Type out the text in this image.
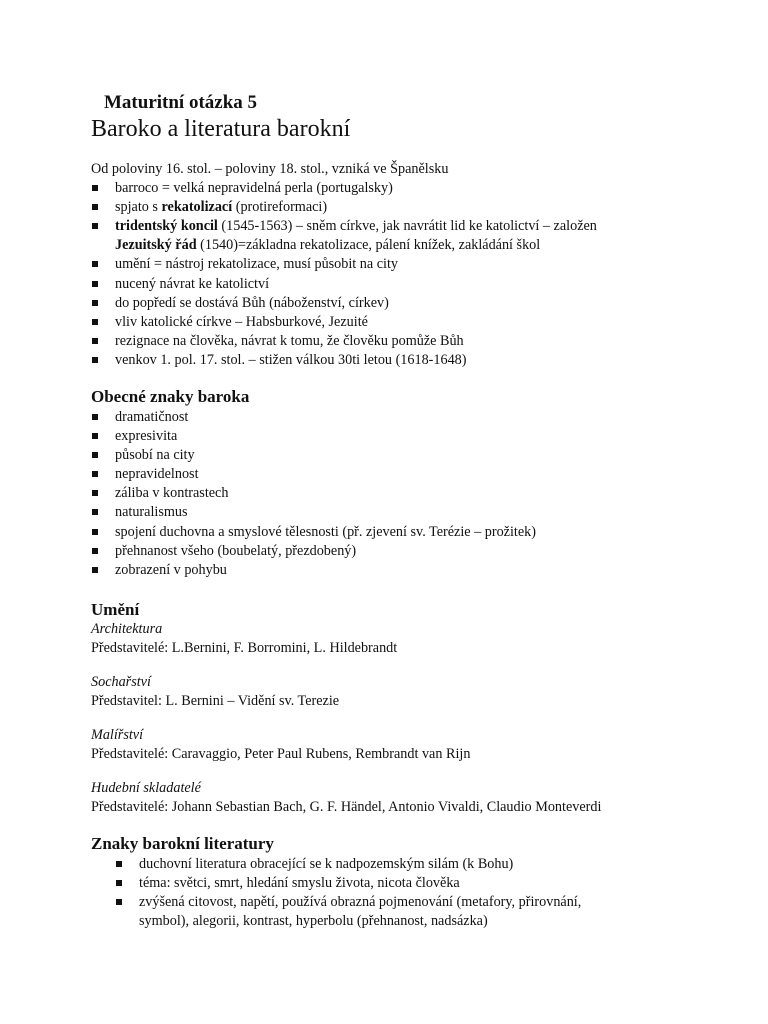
Maturitní otázka 5
Baroko a literatura barokní
Od poloviny 16. stol. – poloviny 18. stol., vzniká ve Španělsku
barroco = velká nepravidelná perla (portugalsky)
spjato s rekatolizací (protireformaci)
tridentský koncil (1545-1563) – sněm církve, jak navrátit lid ke katolictví – založen
Jezuitský řád (1540)=základna rekatolizace, pálení knížek, zakládání škol
umění = nástroj rekatolizace, musí působit na city
nucený návrat ke katolictví
do popředí se dostává Bůh (náboženství, církev)
vliv katolické církve – Habsburkové, Jezuité
rezignace na člověka, návrat k tomu, že člověku pomůže Bůh
venkov 1. pol. 17. stol. – stižen válkou 30ti letou (1618-1648)
Obecné znaky baroka
dramatičnost
expresivita
působí na city
nepravidelnost
záliba v kontrastech
naturalismus
spojení duchovna a smyslové tělesnosti (př. zjevení sv. Terézie – prožitek)
přehnanost všeho (boubelatý, přezdobený)
zobrazení v pohybu
Umění
Architektura
Představitelé: L.Bernini, F. Borromini, L. Hildebrandt
Sochařství
Představitel: L. Bernini – Vidění sv. Terezie
Malířství
Představitelé: Caravaggio, Peter Paul Rubens, Rembrandt van Rijn
Hudební skladatelé
Představitelé: Johann Sebastian Bach, G. F. Händel, Antonio Vivaldi, Claudio Monteverdi
Znaky barokní literatury
duchovní literatura obracející se k nadpozemským silám (k Bohu)
téma: světci, smrt, hledání smyslu života, nicota člověka
zvýšená citovost, napětí, používá obrazná pojmenování (metafory, přirovnání,
symbol), alegorii, kontrast, hyperbolu (přehnanost, nadsázka)
